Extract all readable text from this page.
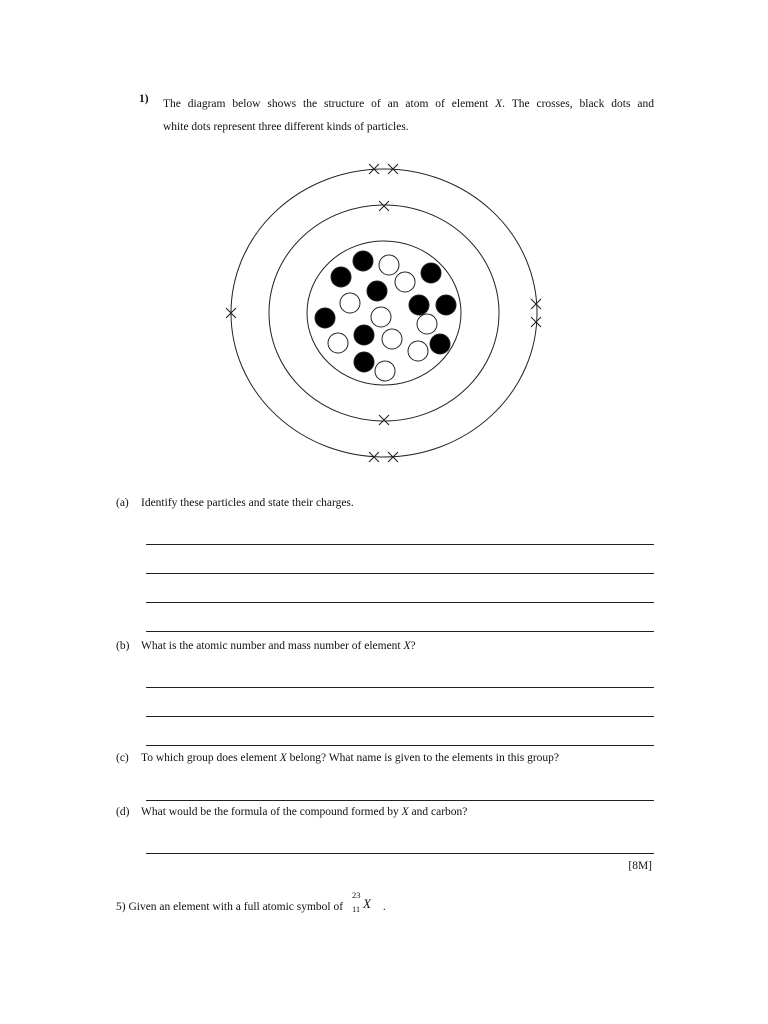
1) The diagram below shows the structure of an atom of element X. The crosses, black dots and
white dots represent three different kinds of particles.
(a) Identify these particles and state their charges.
(b) What is the atomic number and mass number of element X?
(c) To which group does element X belong? What name is given to the elements in this group?
(d) What would be the formula of the compound formed by X and carbon?
[8M]
5) Given an element with a full atomic symbol of
23
11 X .
